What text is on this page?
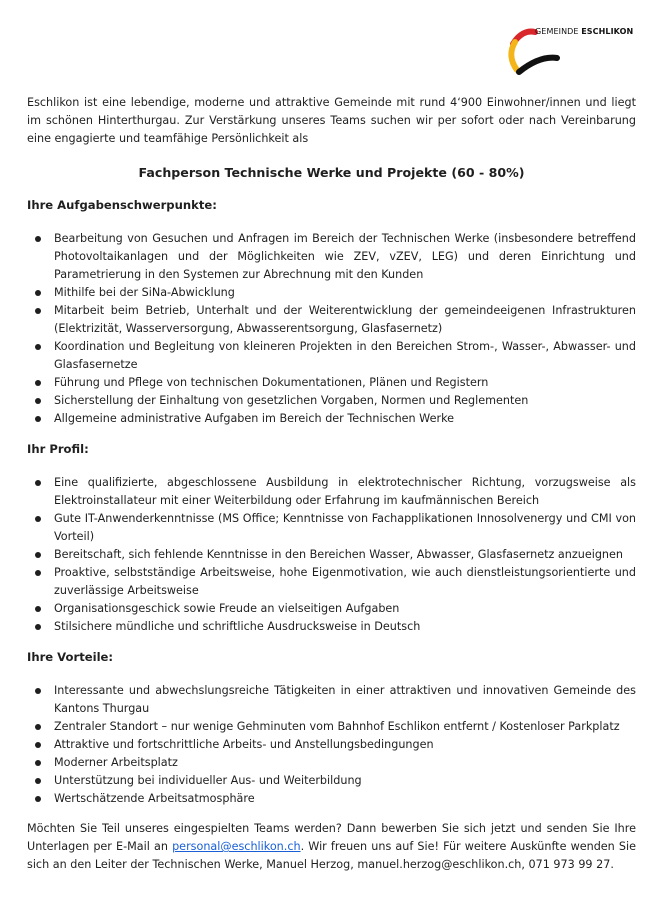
GEMEINDE ESCHLIKON

Eschlikon ist eine lebendige, moderne und attraktive Gemeinde mit rund 4‘900 Einwohner/innen und liegt im schönen Hinterthurgau. Zur Verstärkung unseres Teams suchen wir per sofort oder nach Vereinbarung eine engagierte und teamfähige Persönlichkeit als

Fachperson Technische Werke und Projekte (60 - 80%)
Ihre Aufgabenschwerpunkte:
Bearbeitung von Gesuchen und Anfragen im Bereich der Technischen Werke (insbesondere betreffend Photovoltaikanlagen und der Möglichkeiten wie ZEV, vZEV, LEG) und deren Einrichtung und Parametrierung in den Systemen zur Abrechnung mit den Kunden
Mithilfe bei der SiNa-Abwicklung
Mitarbeit beim Betrieb, Unterhalt und der Weiterentwicklung der gemeindeeigenen Infrastrukturen (Elektrizität, Wasserversorgung, Abwasserentsorgung, Glasfasernetz)
Koordination und Begleitung von kleineren Projekten in den Bereichen Strom-, Wasser-, Abwasser- und Glasfasernetze
Führung und Pflege von technischen Dokumentationen, Plänen und Registern
Sicherstellung der Einhaltung von gesetzlichen Vorgaben, Normen und Reglementen
Allgemeine administrative Aufgaben im Bereich der Technischen Werke
Ihr Profil:
Eine qualifizierte, abgeschlossene Ausbildung in elektrotechnischer Richtung, vorzugsweise als Elektroinstallateur mit einer Weiterbildung oder Erfahrung im kaufmännischen Bereich
Gute IT-Anwenderkenntnisse (MS Office; Kenntnisse von Fachapplikationen Innosolvenergy und CMI von Vorteil)
Bereitschaft, sich fehlende Kenntnisse in den Bereichen Wasser, Abwasser, Glasfasernetz anzueignen
Proaktive, selbstständige Arbeitsweise, hohe Eigenmotivation, wie auch dienstleistungsorientierte und zuverlässige Arbeitsweise
Organisationsgeschick sowie Freude an vielseitigen Aufgaben
Stilsichere mündliche und schriftliche Ausdrucksweise in Deutsch
Ihre Vorteile:
Interessante und abwechslungsreiche Tätigkeiten in einer attraktiven und innovativen Gemeinde des Kantons Thurgau
Zentraler Standort – nur wenige Gehminuten vom Bahnhof Eschlikon entfernt / Kostenloser Parkplatz
Attraktive und fortschrittliche Arbeits- und Anstellungsbedingungen
Moderner Arbeitsplatz
Unterstützung bei individueller Aus- und Weiterbildung
Wertschätzende Arbeitsatmosphäre

Möchten Sie Teil unseres eingespielten Teams werden? Dann bewerben Sie sich jetzt und senden Sie Ihre Unterlagen per E-Mail an personal@eschlikon.ch. Wir freuen uns auf Sie! Für weitere Auskünfte wenden Sie sich an den Leiter der Technischen Werke, Manuel Herzog, manuel.herzog@eschlikon.ch, 071 973 99 27.
